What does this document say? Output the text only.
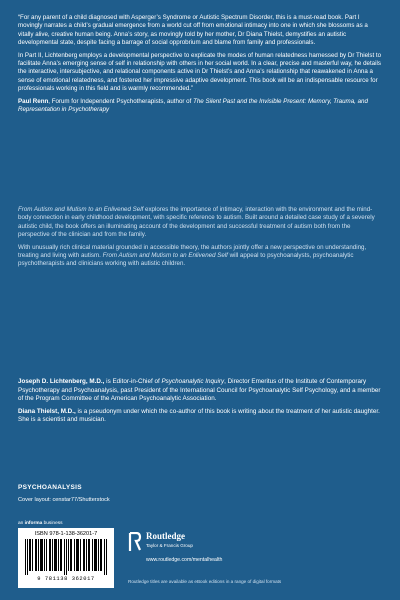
“For any parent of a child diagnosed with Asperger’s Syndrome or Autistic Spectrum Disorder, this is a must-read book. Part I movingly narrates a child’s gradual emergence from a world cut off from emotional intimacy into one in which she blossoms as a vitally alive, creative human being. Anna’s story, as movingly told by her mother, Dr Diana Thielst, demystifies an autistic developmental state, despite facing a barrage of social opprobrium and blame from family and professionals.

In Part II, Lichtenberg employs a developmental perspective to explicate the modes of human relatedness harnessed by Dr Thielst to facilitate Anna’s emerging sense of self in relationship with others in her social world. In a clear, precise and masterful way, he details the interactive, intersubjective, and relational components active in Dr Thielst’s and Anna’s relationship that reawakened in Anna a sense of emotional relatedness, and fostered her impressive adaptive development. This book will be an indispensable resource for professionals working in this field and is warmly recommended.”

Paul Renn, Forum for Independent Psychotherapists, author of The Silent Past and the Invisible Present: Memory, Trauma, and Representation in Psychotherapy

From Autism and Mutism to an Enlivened Self explores the importance of intimacy, interaction with the environment and the mind-body connection in early childhood development, with specific reference to autism. Built around a detailed case study of a severely autistic child, the book offers an illuminating account of the development and successful treatment of autism both from the perspective of the clinician and from the family.

With unusually rich clinical material grounded in accessible theory, the authors jointly offer a new perspective on understanding, treating and living with autism. From Autism and Mutism to an Enlivened Self will appeal to psychoanalysts, psychoanalytic psychotherapists and clinicians working with autistic children.

Joseph D. Lichtenberg, M.D., is Editor-in-Chief of Psychoanalytic Inquiry, Director Emeritus of the Institute of Contemporary Psychotherapy and Psychoanalysis, past President of the International Council for Psychoanalytic Self Psychology, and a member of the Program Committee of the American Psychoanalytic Association.

Diana Thielst, M.D., is a pseudonym under which the co-author of this book is writing about the treatment of her autistic daughter. She is a scientist and musician.

PSYCHOANALYSIS
Cover layout: censtar77/Shutterstock
an informa business
ISBN 978-1-138-36201-7
9 781138 362017
Routledge
Taylor & Francis Group
www.routledge.com/mentalhealth
Routledge titles are available as eBook editions in a range of digital formats
